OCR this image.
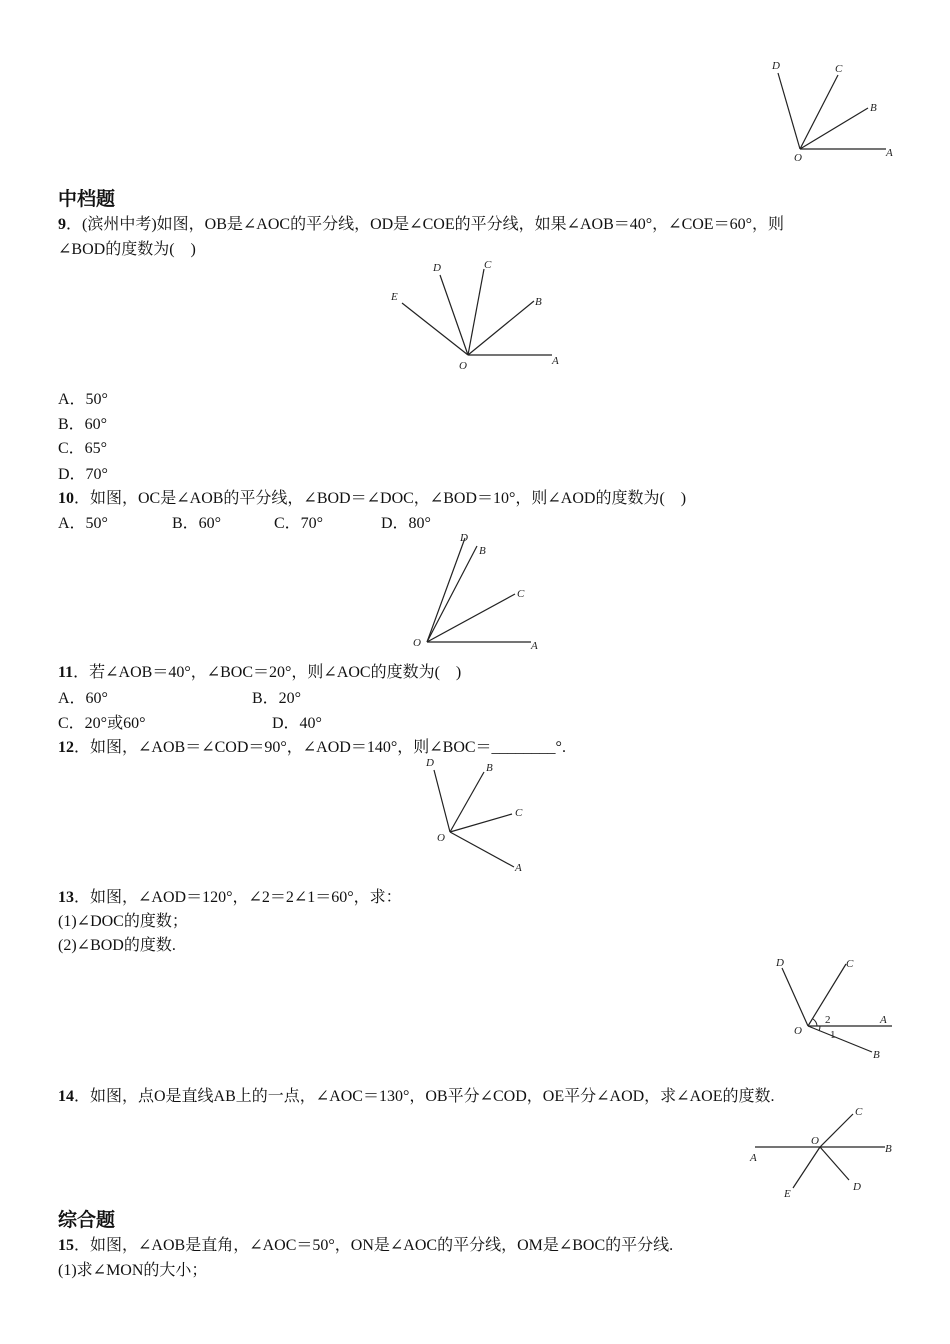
O	A
B
C
D
中档题
9．(滨州中考)如图，OB是∠AOC的平分线，OD是∠COE的平分线，如果∠AOB＝40°，∠COE＝60°，则
∠BOD的度数为(　)
O	A
B
C
D
E
A．50°
B．60°
C．65°
D．70°
10．如图，OC是∠AOB的平分线，∠BOD＝∠DOC，∠BOD＝10°，则∠AOD的度数为(　)
A．50°	B．60°	C．70°	D．80°
O	A
B
C
D
11．若∠AOB＝40°，∠BOC＝20°，则∠AOC的度数为(　)
A．60°	B．20°
C．20°或60°	D．40°
12．如图，∠AOB＝∠COD＝90°，∠AOD＝140°，则∠BOC＝________°.
O
A
B
C
D
13．如图，∠AOD＝120°，∠2＝2∠1＝60°，求：
(1)∠DOC的度数；
(2)∠BOD的度数.
O
A
B
C
D
2
1
14．如图，点O是直线AB上的一点，∠AOC＝130°，OB平分∠COD，OE平分∠AOD，求∠AOE的度数.
O
A
B
C
D
E
综合题
15．如图，∠AOB是直角，∠AOC＝50°，ON是∠AOC的平分线，OM是∠BOC的平分线.
(1)求∠MON的大小；
